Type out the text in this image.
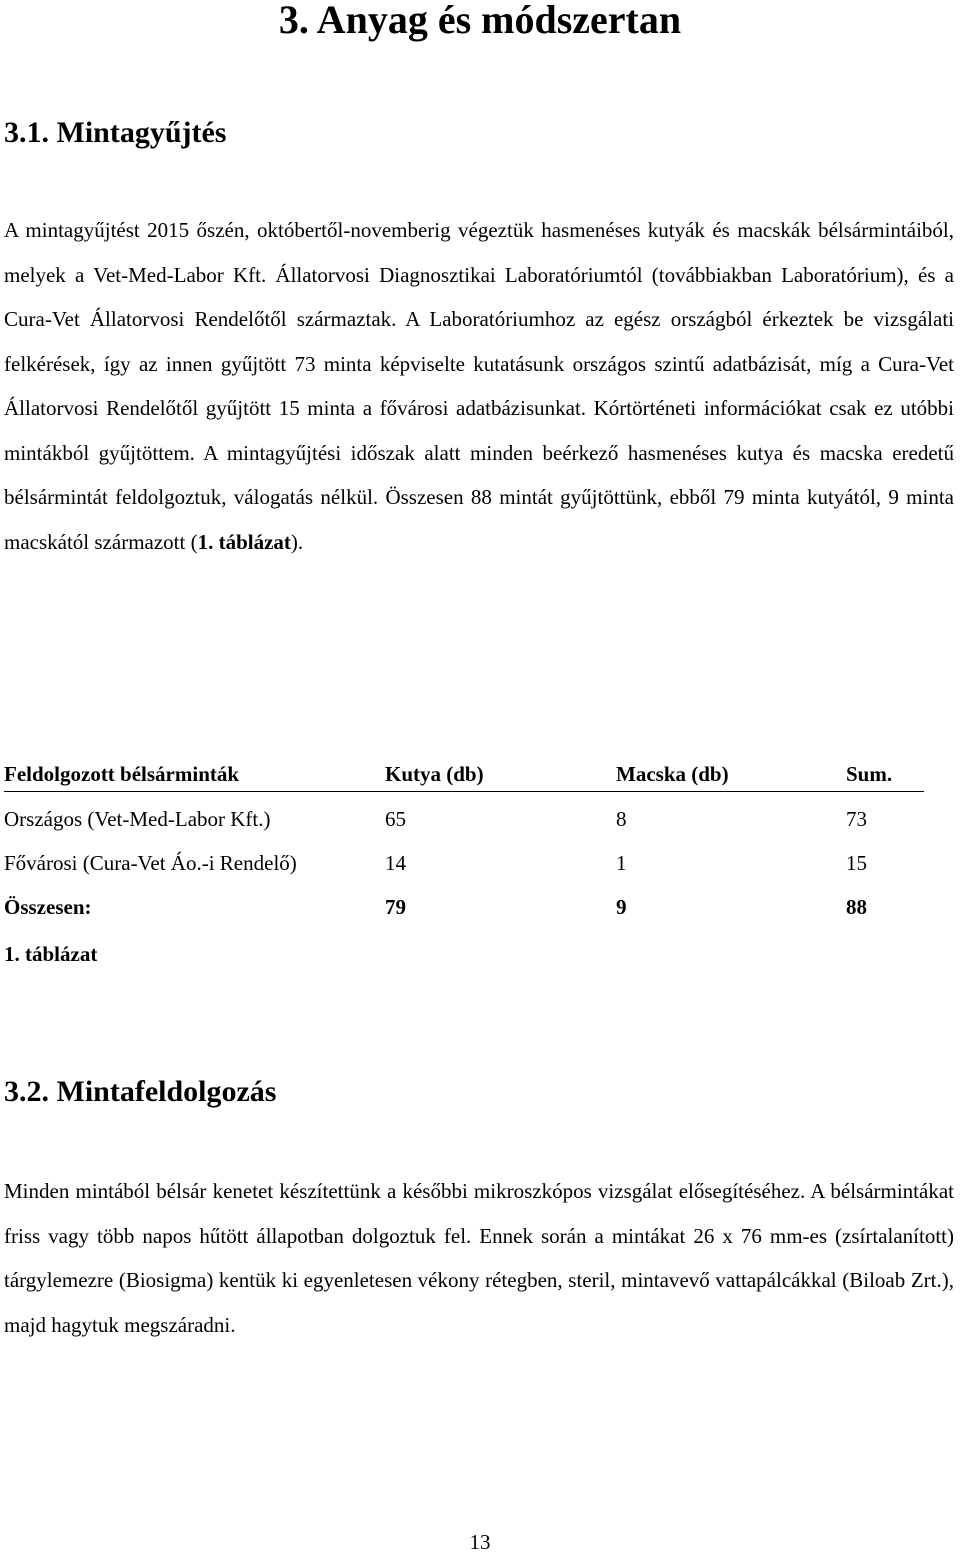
3. Anyag és módszertan
3.1. Mintagyűjtés

A mintagyűjtést 2015 őszén, októbertől-novemberig végeztük hasmenéses kutyák és macskák bélsármintáiból, melyek a Vet-Med-Labor Kft. Állatorvosi Diagnosztikai Laboratóriumtól (továbbiakban Laboratórium), és a Cura-Vet Állatorvosi Rendelőtől származtak. A Laboratóriumhoz az egész országból érkeztek be vizsgálati felkérések, így az innen gyűjtött 73 minta képviselte kutatásunk országos szintű adatbázisát, míg a Cura-Vet Állatorvosi Rendelőtől gyűjtött 15 minta a fővárosi adatbázisunkat. Kórtörténeti információkat csak ez utóbbi mintákból gyűjtöttem. A mintagyűjtési időszak alatt minden beérkező hasmenéses kutya és macska eredetű bélsármintát feldolgoztuk, válogatás nélkül. Összesen 88 mintát gyűjtöttünk, ebből 79 minta kutyától, 9 minta macskától származott (1. táblázat).

Feldolgozott bélsárminták	Kutya (db)	Macska (db)	Sum.
Országos (Vet-Med-Labor Kft.)	65	8	73
Fővárosi (Cura-Vet Áo.-i Rendelő)	14	1	15
Összesen:	79	9	88
1. táblázat
3.2. Mintafeldolgozás

Minden mintából bélsár kenetet készítettünk a későbbi mikroszkópos vizsgálat elősegítéséhez. A bélsármintákat friss vagy több napos hűtött állapotban dolgoztuk fel. Ennek során a mintákat 26 x 76 mm-es (zsírtalanított) tárgylemezre (Biosigma) kentük ki egyenletesen vékony rétegben, steril, mintavevő vattapálcákkal (Biloab Zrt.), majd hagytuk megszáradni.

13
